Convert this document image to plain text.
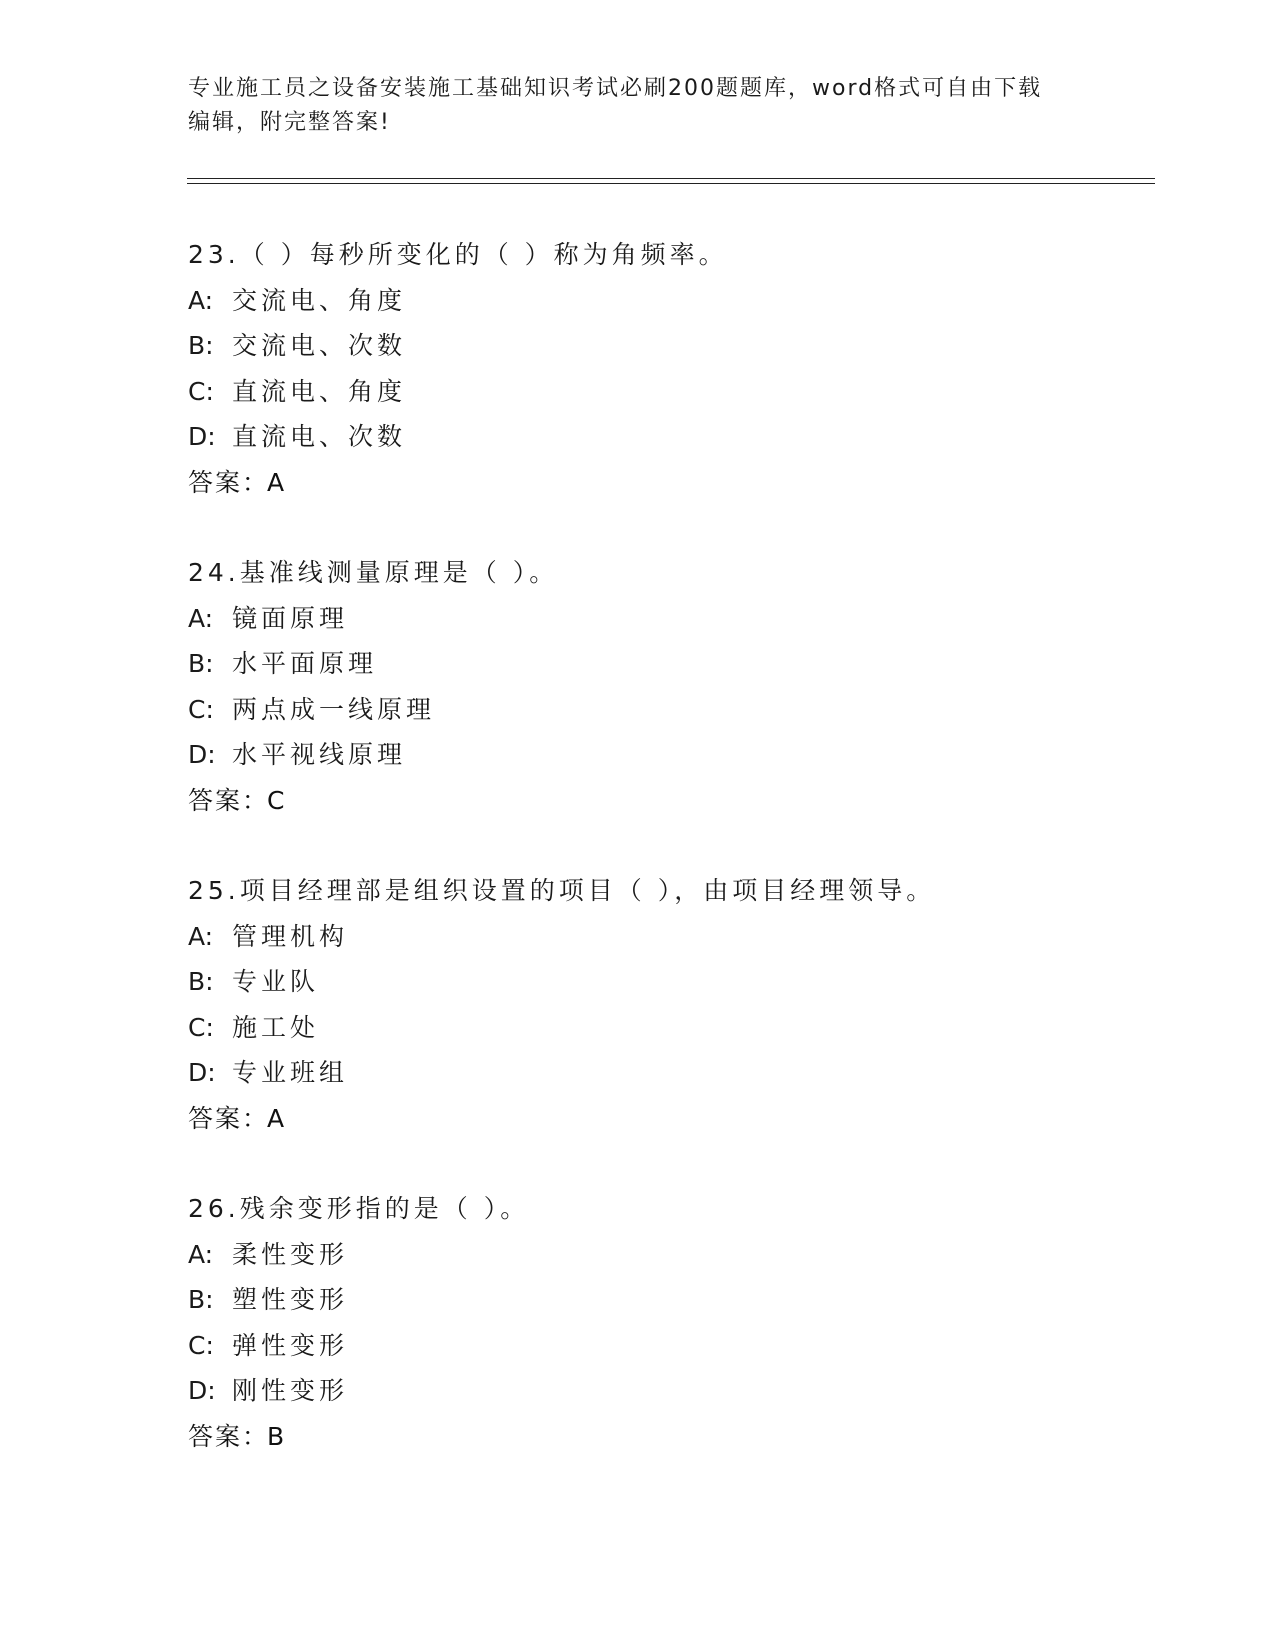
专业施工员之设备安装施工基础知识考试必刷200题题库，word格式可自由下载
编辑，附完整答案!
23.（ ）每秒所变化的（ ）称为角频率。
A: 交流电、角度
B: 交流电、次数
C: 直流电、角度
D: 直流电、次数
答案：A
24.基准线测量原理是（ ）。
A: 镜面原理
B: 水平面原理
C: 两点成一线原理
D: 水平视线原理
答案：C
25.项目经理部是组织设置的项目（ ），由项目经理领导。
A: 管理机构
B: 专业队
C: 施工处
D: 专业班组
答案：A
26.残余变形指的是（ ）。
A: 柔性变形
B: 塑性变形
C: 弹性变形
D: 刚性变形
答案：B
